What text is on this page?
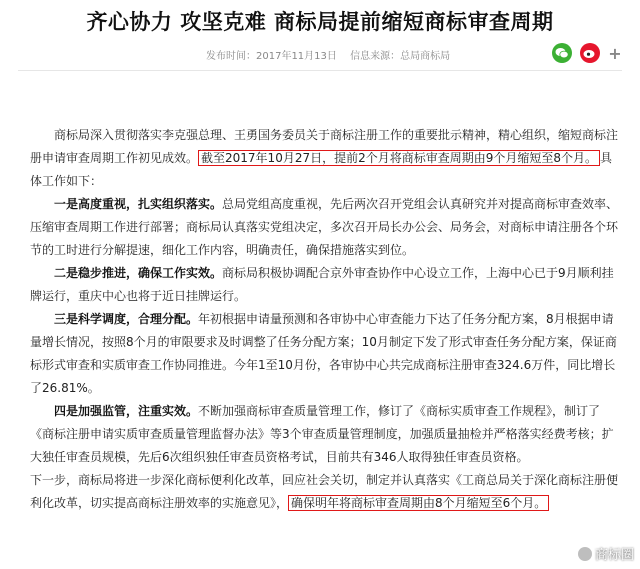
齐心协力 攻坚克难 商标局提前缩短商标审查周期
发布时间：2017年11月13日 信息来源：总局商标局	+

商标局深入贯彻落实李克强总理、王勇国务委员关于商标注册工作的重要批示精神，精心组织，缩短商标注册申请审查周期工作初见成效。 截至2017年10月27日，提前2个月将商标审查周期由9个月缩短至8个月。 具体工作如下：

一是高度重视，扎实组织落实。总局党组高度重视，先后两次召开党组会认真研究并对提高商标审查效率、压缩审查周期工作进行部署；商标局认真落实党组决定，多次召开局长办公会、局务会，对商标申请注册各个环节的工时进行分解提速，细化工作内容，明确责任，确保措施落实到位。

二是稳步推进，确保工作实效。商标局积极协调配合京外审查协作中心设立工作，上海中心已于9月顺利挂牌运行，重庆中心也将于近日挂牌运行。

三是科学调度，合理分配。年初根据申请量预测和各审协中心审查能力下达了任务分配方案，8月根据申请量增长情况，按照8个月的审限要求及时调整了任务分配方案；10月制定下发了形式审查任务分配方案，保证商标形式审查和实质审查工作协同推进。今年1至10月份，各审协中心共完成商标注册审查324.6万件，同比增长了26.81%。

四是加强监管，注重实效。不断加强商标审查质量管理工作，修订了《商标实质审查工作规程》，制订了《商标注册申请实质审查质量管理监督办法》等3个审查质量管理制度，加强质量抽检并严格落实经费考核；扩大独任审查员规模，先后6次组织独任审查员资格考试，目前共有346人取得独任审查员资格。

下一步，商标局将进一步深化商标便利化改革，回应社会关切，制定并认真落实《工商总局关于深化商标注册便利化改革，切实提高商标注册效率的实施意见》， 确保明年将商标审查周期由8个月缩短至6个月。

商标圈
